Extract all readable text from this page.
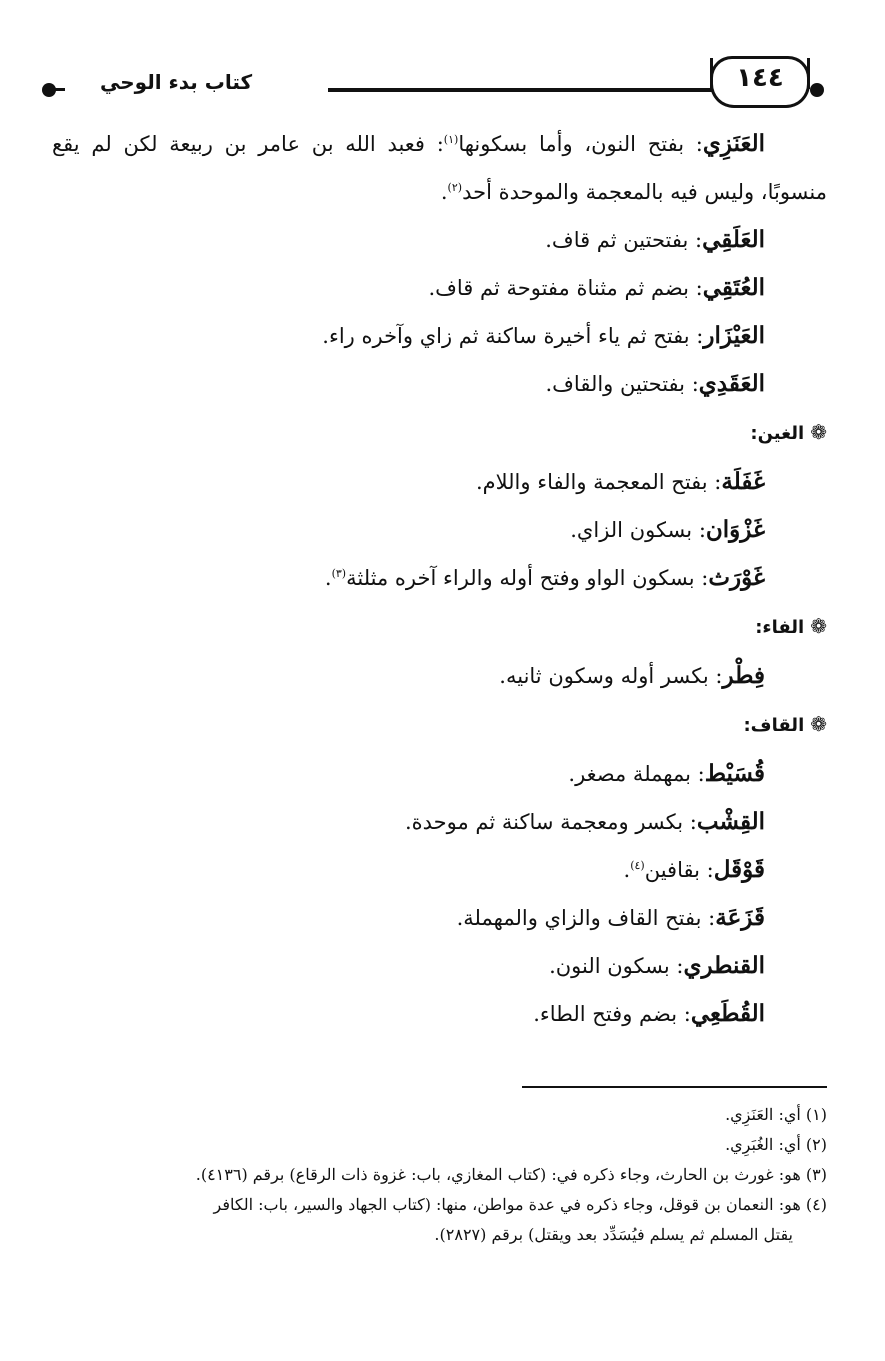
كتاب بدء الوحي	١٤٤
العَنَزِي: بفتح النون، وأما بسكونها$^{(١)}$: فعبد الله بن عامر بن ربيعة لكن لم يقع
منسوبًا، وليس فيه بالمعجمة والموحدة أحد$^{(٢)}$.
العَلَقِي: بفتحتين ثم قاف.
العُتَقِي: بضم ثم مثناة مفتوحة ثم قاف.
العَيْزَار: بفتح ثم ياء أخيرة ساكنة ثم زاي وآخره راء.
العَقَدِي: بفتحتين والقاف.
❁الغين:
غَفَلَة: بفتح المعجمة والفاء واللام.
غَزْوَان: بسكون الزاي.
غَوْرَث: بسكون الواو وفتح أوله والراء آخره مثلثة$^{(٣)}$.
❁الفاء:
فِطْر: بكسر أوله وسكون ثانيه.
❁القاف:
قُسَيْط: بمهملة مصغر.
القِشْب: بكسر ومعجمة ساكنة ثم موحدة.
قَوْقَل: بقافين$^{(٤)}$.
قَزَعَة: بفتح القاف والزاي والمهملة.
القنطري: بسكون النون.
القُطَعِي: بضم وفتح الطاء.
(١) أي: العَنَزِي.
(٢) أي: الغُبَرِي.
(٣) هو: غورث بن الحارث، وجاء ذكره في: (كتاب المغازي، باب: غزوة ذات الرقاع) برقم (٤١٣٦).
(٤) هو: النعمان بن قوقل، وجاء ذكره في عدة مواطن، منها: (كتاب الجهاد والسير، باب: الكافر
يقتل المسلم ثم يسلم فيُسَدِّد بعد ويقتل) برقم (٢٨٢٧).
